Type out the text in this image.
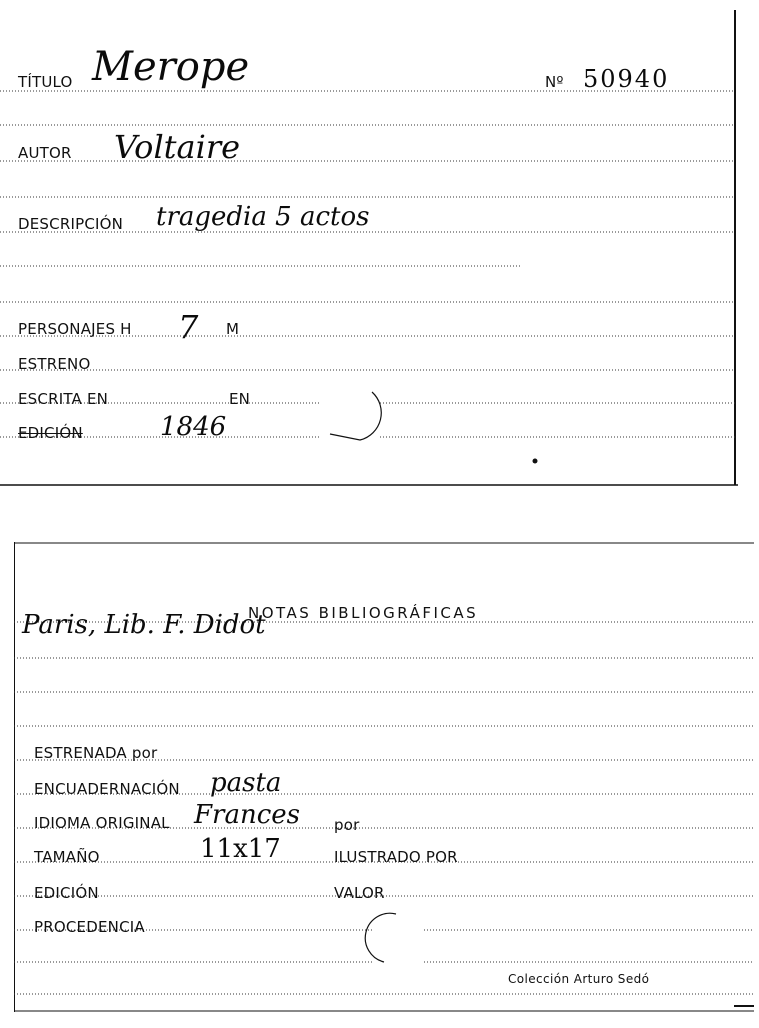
TÍTULO Merope	Nº 50940
AUTOR Voltaire
DESCRIPCIÓN tragedia 5 actos
PERSONAJES H 7 M
ESTRENO
ESCRITA EN	EN
EDICIÓN	1846
NOTAS BIBLIOGRÁFICAS
Paris, Lib. F. Didot
ESTRENADA por
ENCUADERNACIÓN pasta
IDIOMA ORIGINAL Frances por
TAMAÑO	11x17	ILUSTRADO POR
EDICIÓN	VALOR
PROCEDENCIA
Colección Arturo Sedó
